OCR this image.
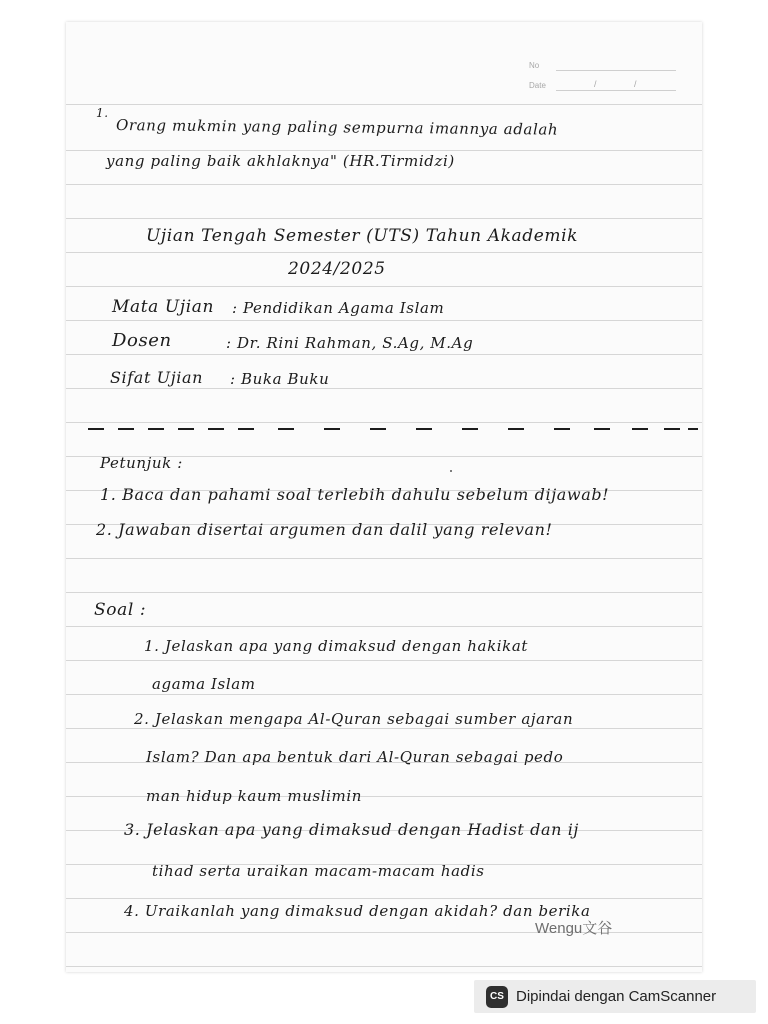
No
Date	/	/
1.
Orang mukmin yang paling sempurna imannya adalah
yang paling baik akhlaknya" (HR.Tirmidzi)
Ujian Tengah Semester (UTS) Tahun Akademik
2024/2025
Mata Ujian : Pendidikan Agama Islam
Dosen	: Dr. Rini Rahman, S.Ag, M.Ag
Sifat Ujian : Buka Buku
Petunjuk :
1. Baca dan pahami soal terlebih dahulu sebelum dijawab!
2. Jawaban disertai argumen dan dalil yang relevan!
Soal :
1. Jelaskan apa yang dimaksud dengan hakikat
agama Islam
2. Jelaskan mengapa Al-Quran sebagai sumber ajaran
Islam? Dan apa bentuk dari Al-Quran sebagai pedo
man hidup kaum muslimin
3. Jelaskan apa yang dimaksud dengan Hadist dan ij
tihad serta uraikan macam-macam hadis
4. Uraikanlah yang dimaksud dengan akidah? dan berika
Wengu文谷
CS Dipindai dengan CamScanner
